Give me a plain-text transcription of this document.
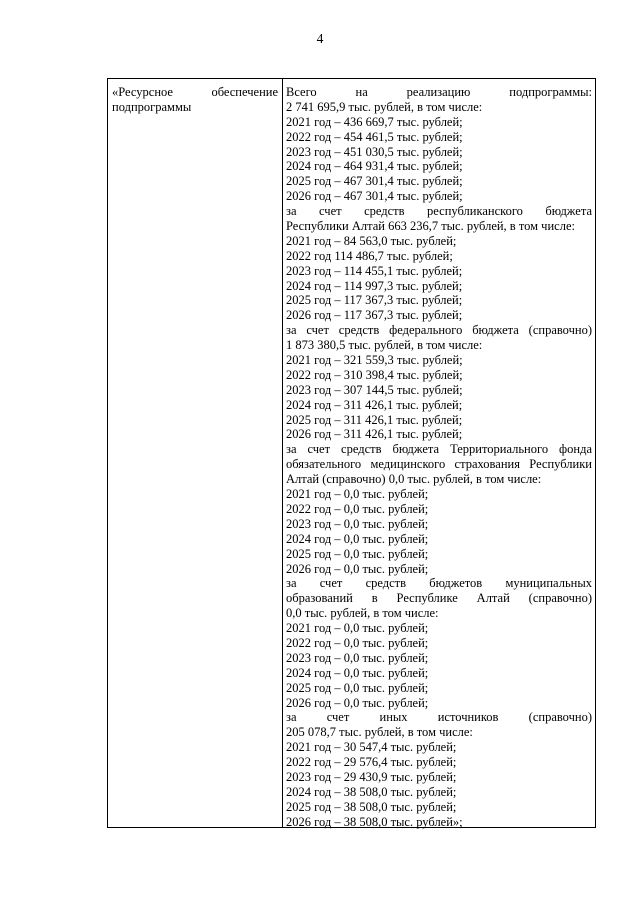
4
«Ресурсное обеспечение
подпрограммы
Всего на реализацию подпрограммы:
2 741 695,9 тыс. рублей, в том числе:
2021 год – 436 669,7 тыс. рублей;
2022 год – 454 461,5 тыс. рублей;
2023 год – 451 030,5 тыс. рублей;
2024 год – 464 931,4 тыс. рублей;
2025 год – 467 301,4 тыс. рублей;
2026 год – 467 301,4 тыс. рублей;
за счет средств республиканского бюджета
Республики Алтай 663 236,7 тыс. рублей, в том числе:
2021 год – 84 563,0 тыс. рублей;
2022 год 114 486,7 тыс. рублей;
2023 год – 114 455,1 тыс. рублей;
2024 год – 114 997,3 тыс. рублей;
2025 год – 117 367,3 тыс. рублей;
2026 год – 117 367,3 тыс. рублей;
за счет средств федерального бюджета (справочно)
1 873 380,5 тыс. рублей, в том числе:
2021 год – 321 559,3 тыс. рублей;
2022 год – 310 398,4 тыс. рублей;
2023 год – 307 144,5 тыс. рублей;
2024 год – 311 426,1 тыс. рублей;
2025 год – 311 426,1 тыс. рублей;
2026 год – 311 426,1 тыс. рублей;
за счет средств бюджета Территориального фонда
обязательного медицинского страхования Республики
Алтай (справочно) 0,0 тыс. рублей, в том числе:
2021 год – 0,0 тыс. рублей;
2022 год – 0,0 тыс. рублей;
2023 год – 0,0 тыс. рублей;
2024 год – 0,0 тыс. рублей;
2025 год – 0,0 тыс. рублей;
2026 год – 0,0 тыс. рублей;
за счет средств бюджетов муниципальных
образований в Республике Алтай (справочно)
0,0 тыс. рублей, в том числе:
2021 год – 0,0 тыс. рублей;
2022 год – 0,0 тыс. рублей;
2023 год – 0,0 тыс. рублей;
2024 год – 0,0 тыс. рублей;
2025 год – 0,0 тыс. рублей;
2026 год – 0,0 тыс. рублей;
за счет иных источников (справочно)
205 078,7 тыс. рублей, в том числе:
2021 год – 30 547,4 тыс. рублей;
2022 год – 29 576,4 тыс. рублей;
2023 год – 29 430,9 тыс. рублей;
2024 год – 38 508,0 тыс. рублей;
2025 год – 38 508,0 тыс. рублей;
2026 год – 38 508,0 тыс. рублей»;
